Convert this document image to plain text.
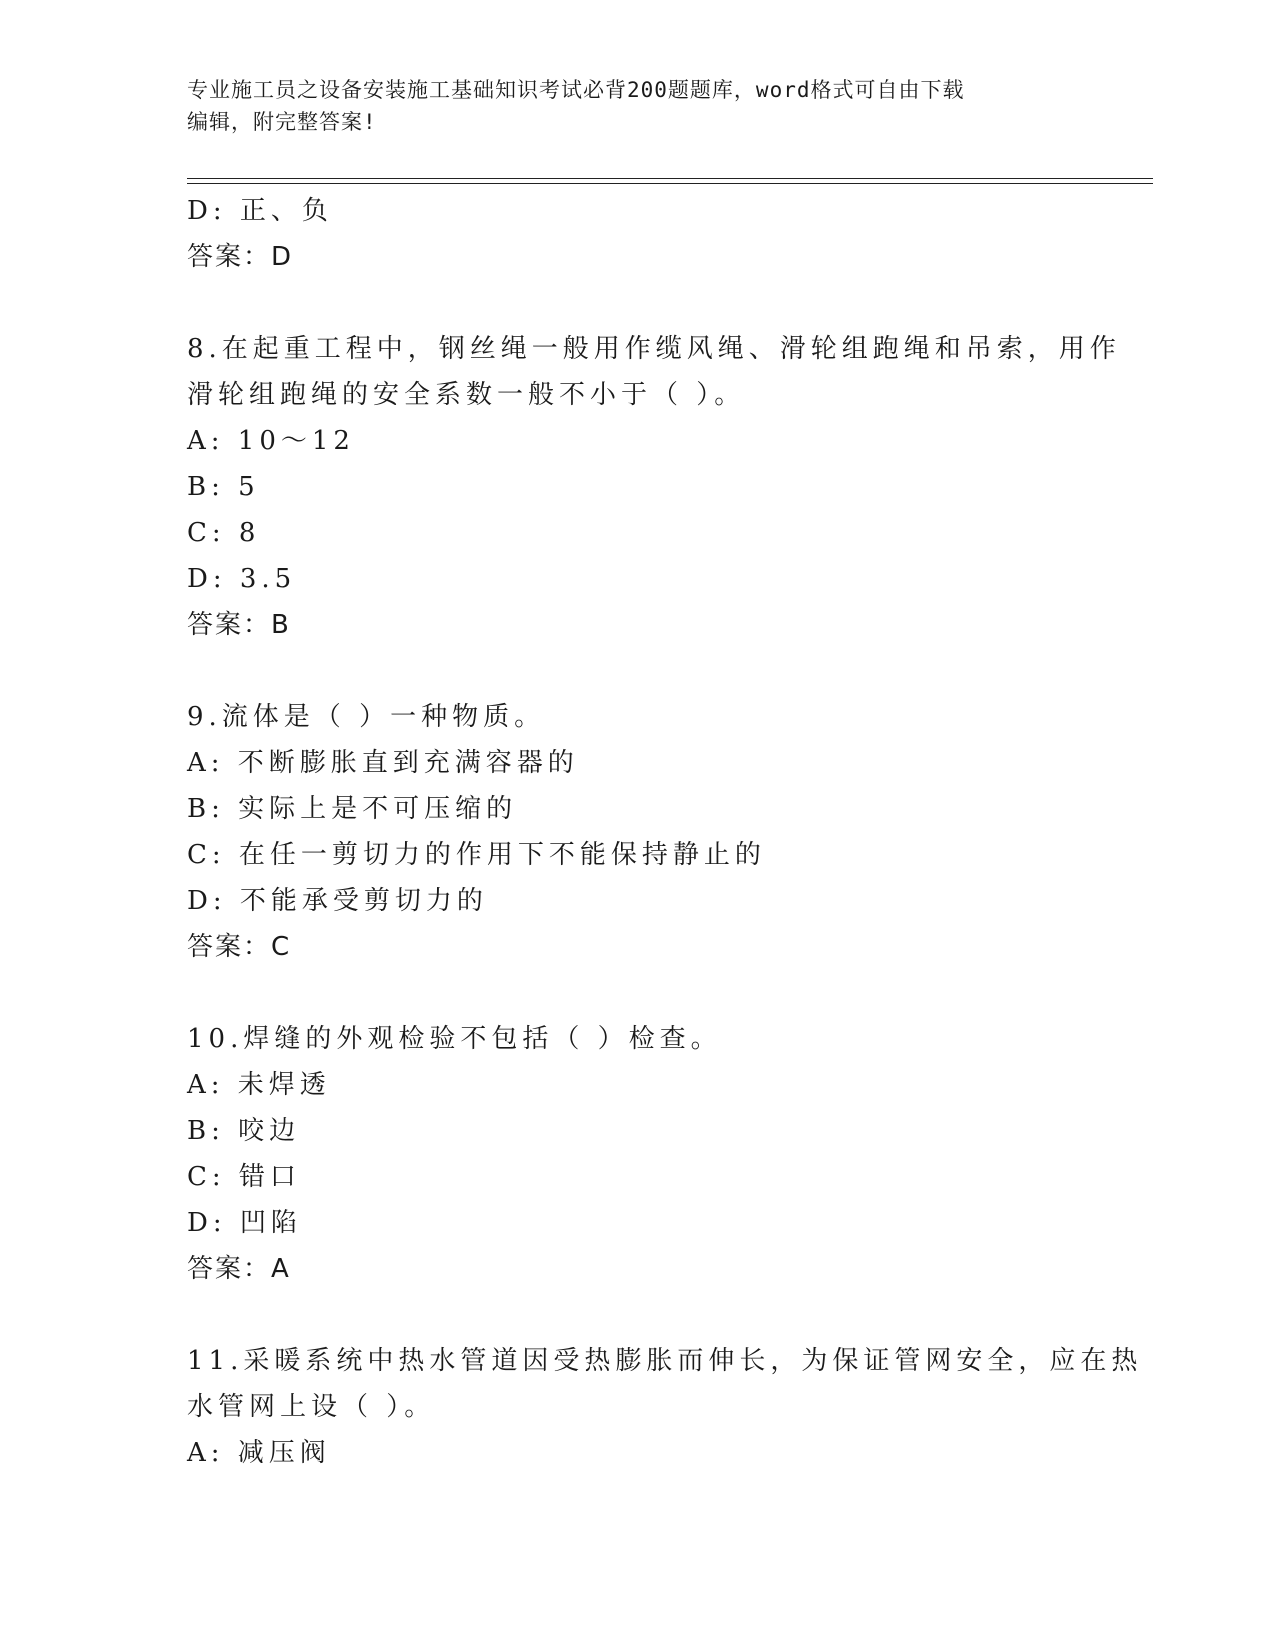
专业施工员之设备安装施工基础知识考试必背200题题库，word格式可自由下载
编辑，附完整答案!
D: 正、负
答案：D
8.在起重工程中，钢丝绳一般用作缆风绳、滑轮组跑绳和吊索，用作
滑轮组跑绳的安全系数一般不小于（ ）。
A: 10～12
B: 5
C: 8
D: 3.5
答案：B
9.流体是（ ）一种物质。
A: 不断膨胀直到充满容器的
B: 实际上是不可压缩的
C: 在任一剪切力的作用下不能保持静止的
D: 不能承受剪切力的
答案：C
10.焊缝的外观检验不包括（ ）检查。
A: 未焊透
B: 咬边
C: 错口
D: 凹陷
答案：A
11.采暖系统中热水管道因受热膨胀而伸长，为保证管网安全，应在热
水管网上设（ ）。
A: 减压阀
